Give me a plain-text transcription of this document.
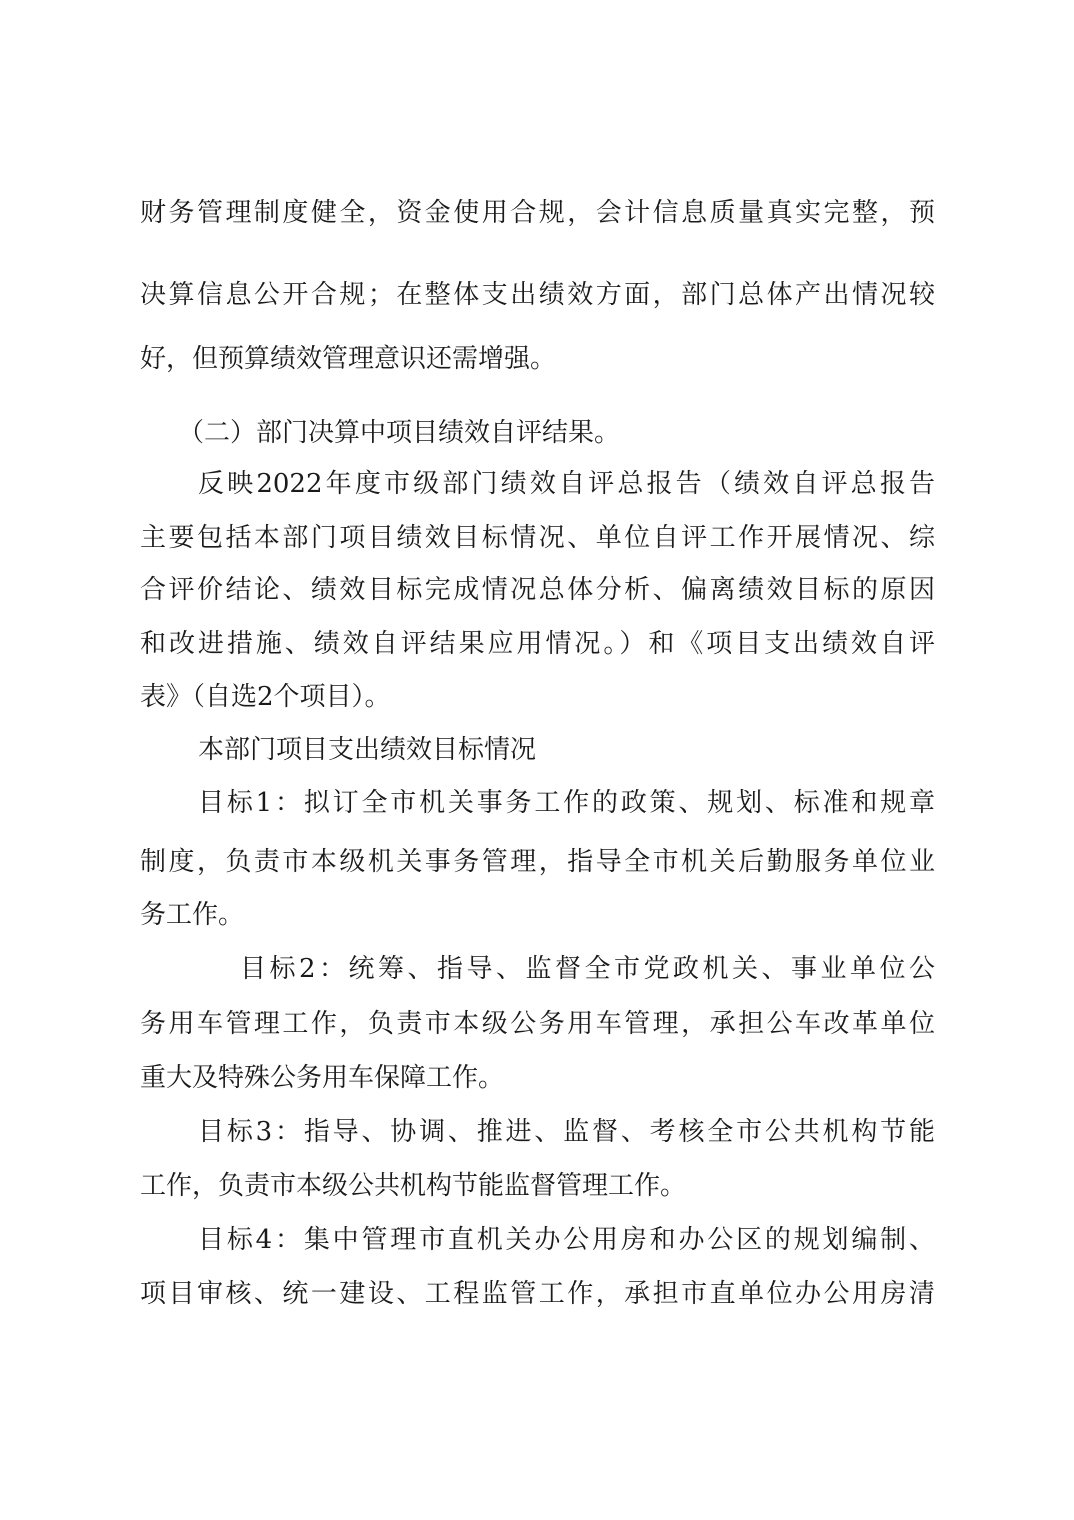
财务管理制度健全，资金使用合规，会计信息质量真实完整，预
决算信息公开合规；在整体支出绩效方面，部门总体产出情况较
好，但预算绩效管理意识还需增强。
（二）部门决算中项目绩效自评结果。
反映2022年度市级部门绩效自评总报告（绩效自评总报告
主要包括本部门项目绩效目标情况、单位自评工作开展情况、综
合评价结论、绩效目标完成情况总体分析、偏离绩效目标的原因
和改进措施、绩效自评结果应用情况。）和《项目支出绩效自评
表》（自选2个项目）。
本部门项目支出绩效目标情况
目标1：拟订全市机关事务工作的政策、规划、标准和规章
制度，负责市本级机关事务管理，指导全市机关后勤服务单位业
务工作。
目标2：统筹、指导、监督全市党政机关、事业单位公
务用车管理工作，负责市本级公务用车管理，承担公车改革单位
重大及特殊公务用车保障工作。
目标3：指导、协调、推进、监督、考核全市公共机构节能
工作，负责市本级公共机构节能监督管理工作。
目标4：集中管理市直机关办公用房和办公区的规划编制、
项目审核、统一建设、工程监管工作，承担市直单位办公用房清
